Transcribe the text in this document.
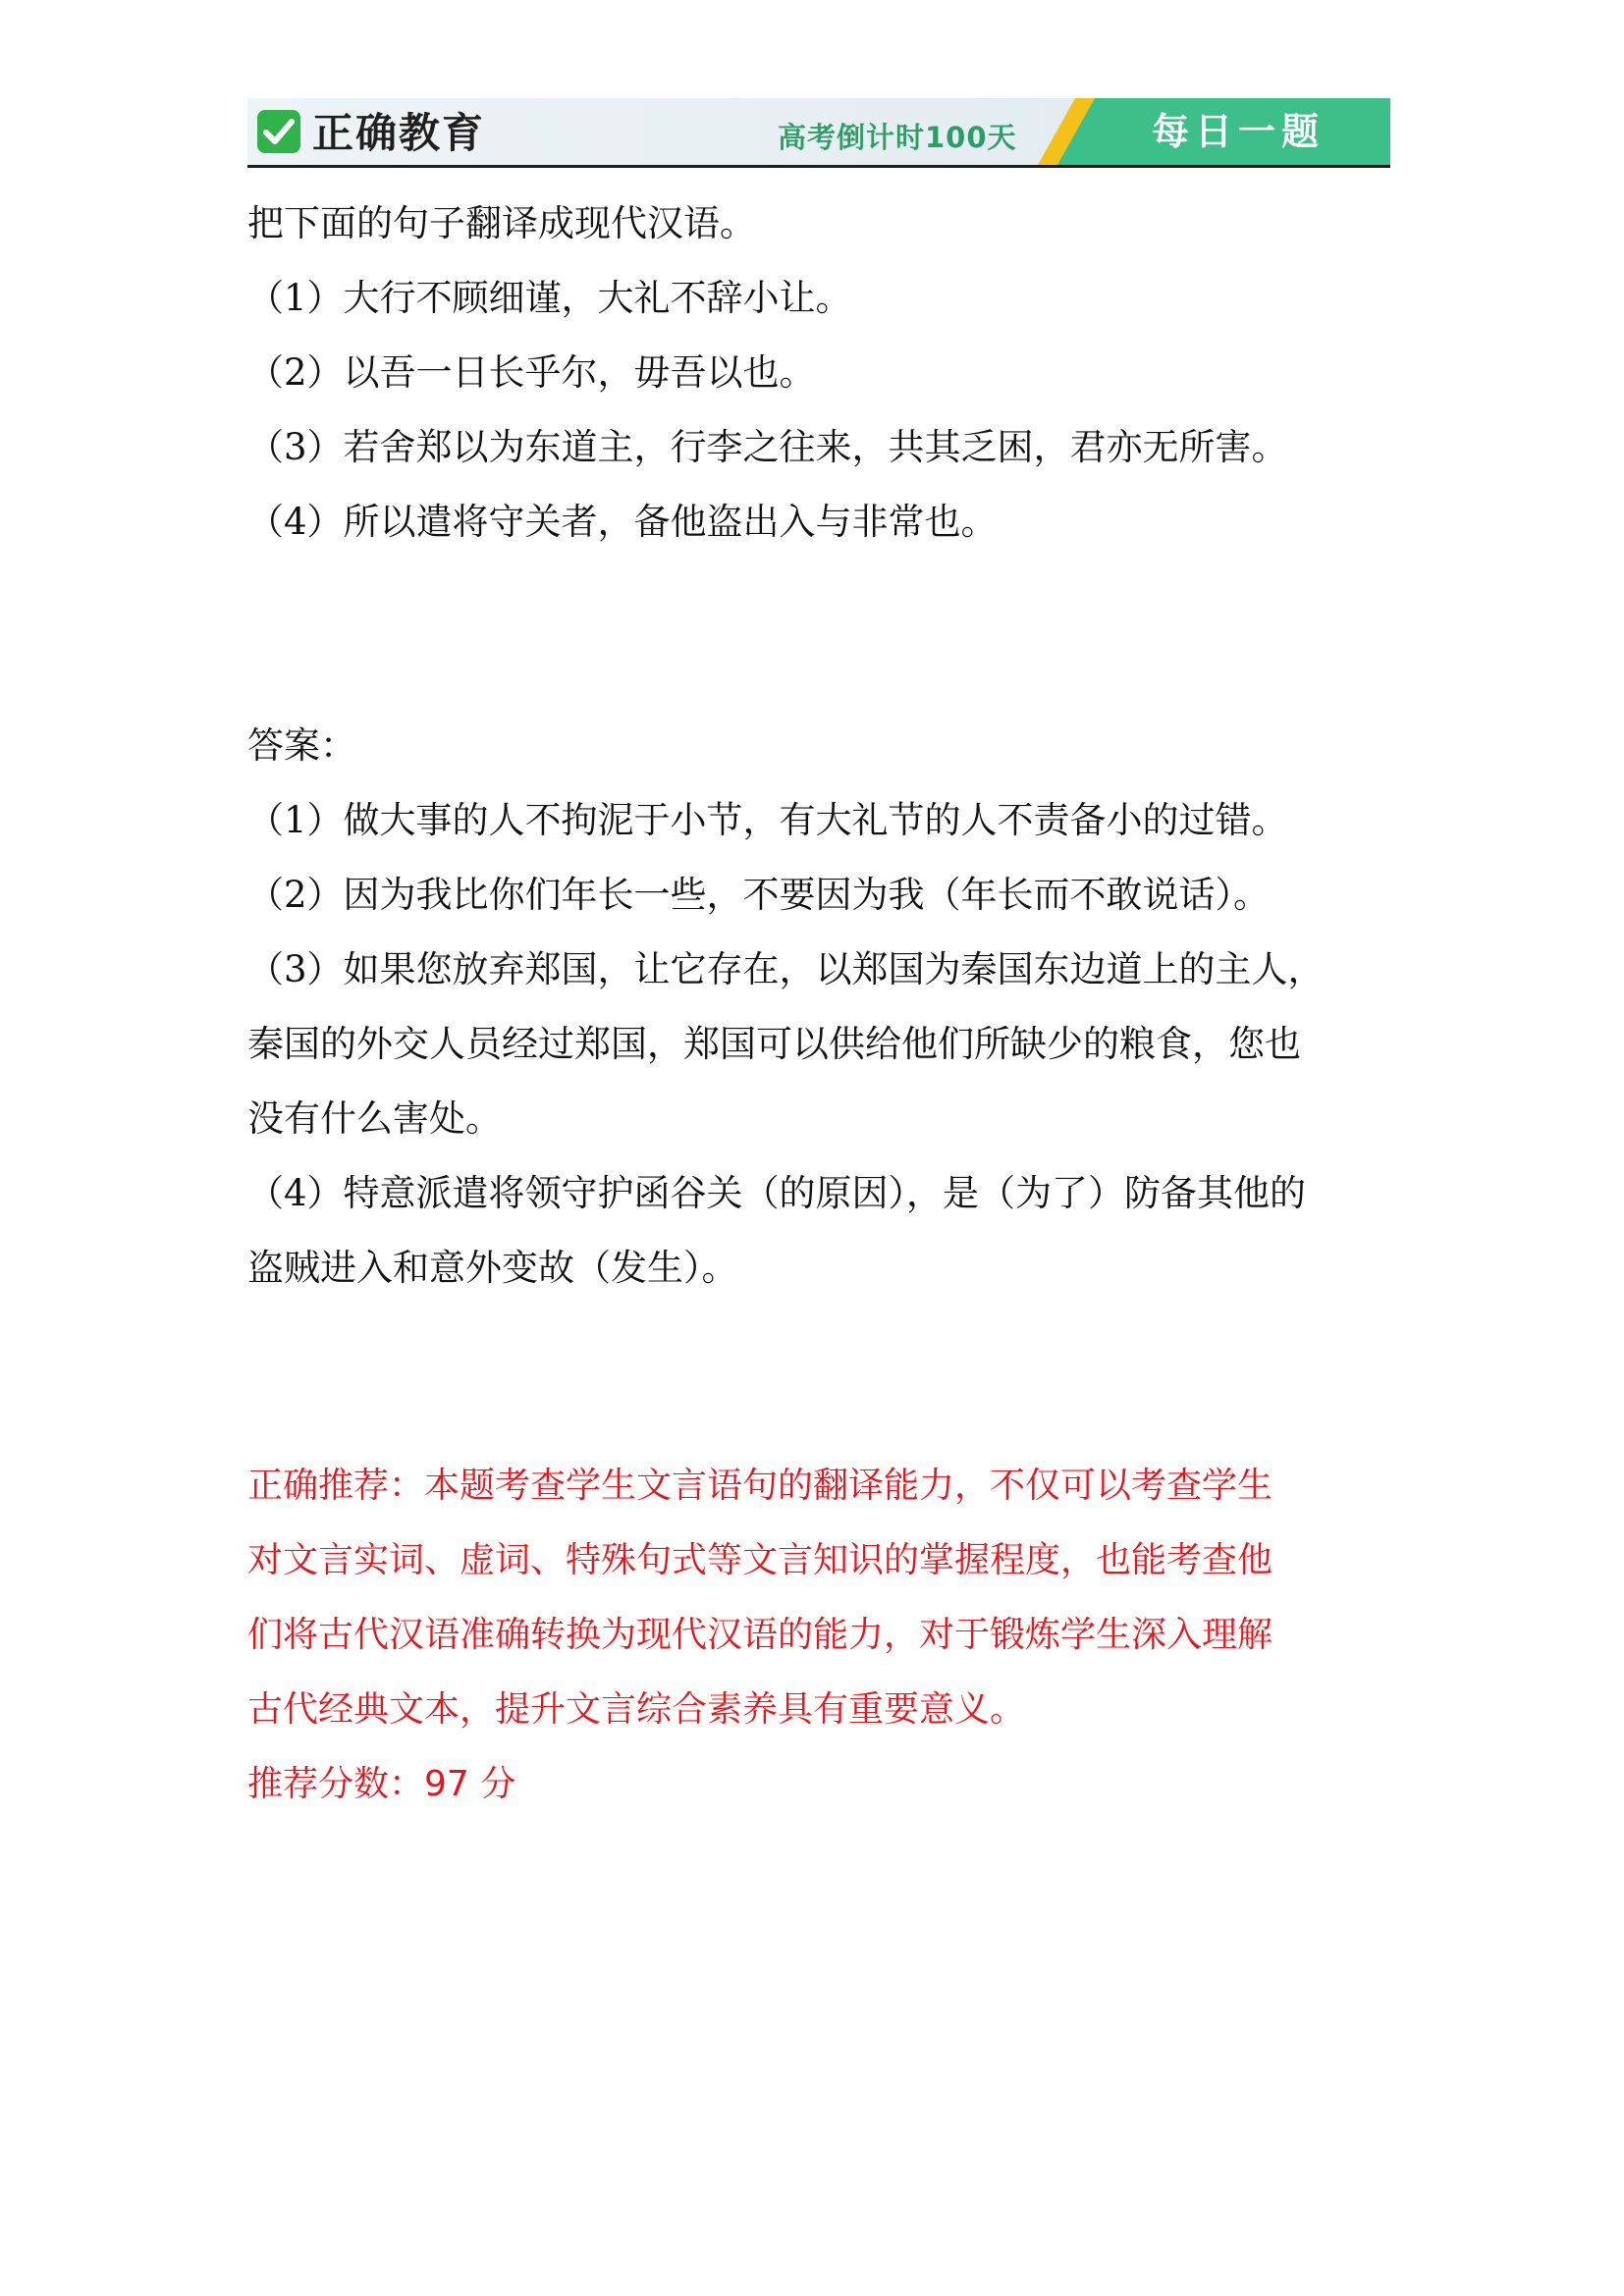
正确教育	高考倒计时100天	每日一题

把下面的句子翻译成现代汉语。

（1）大行不顾细谨，大礼不辞小让。

（2）以吾一日长乎尔，毋吾以也。

（3）若舍郑以为东道主，行李之往来，共其乏困，君亦无所害。

（4）所以遣将守关者，备他盗出入与非常也。

答案：

（1）做大事的人不拘泥于小节，有大礼节的人不责备小的过错。

（2）因为我比你们年长一些，不要因为我（年长而不敢说话）。

（3）如果您放弃郑国，让它存在，以郑国为秦国东边道上的主人，

秦国的外交人员经过郑国，郑国可以供给他们所缺少的粮食，您也

没有什么害处。

（4）特意派遣将领守护函谷关（的原因），是（为了）防备其他的

盗贼进入和意外变故（发生）。

正确推荐：本题考查学生文言语句的翻译能力，不仅可以考查学生

对文言实词、虚词、特殊句式等文言知识的掌握程度，也能考查他

们将古代汉语准确转换为现代汉语的能力，对于锻炼学生深入理解

古代经典文本，提升文言综合素养具有重要意义。

推荐分数：97 分
